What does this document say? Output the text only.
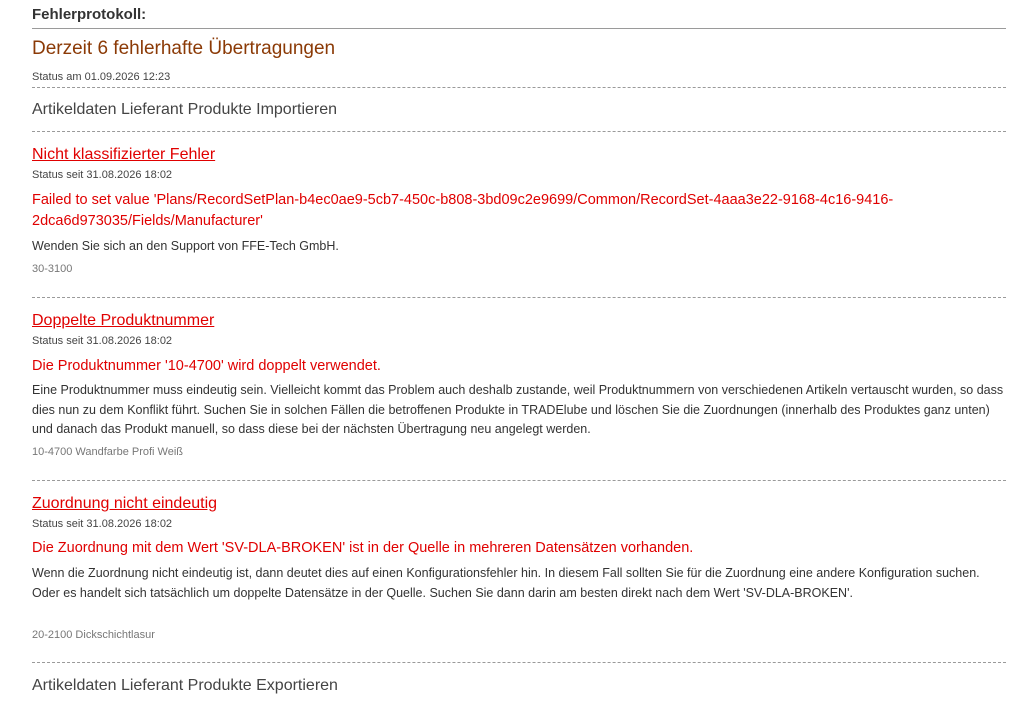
Fehlerprotokoll:
Derzeit 6 fehlerhafte Übertragungen
Status am 01.09.2026 12:23
Artikeldaten Lieferant Produkte Importieren
Nicht klassifizierter Fehler
Status seit 31.08.2026 18:02

Failed to set value 'Plans/RecordSetPlan-b4ec0ae9-5cb7-450c-b808-3bd09c2e9699/Common/RecordSet-4aaa3e22-9168-4c16-9416-2dca6d973035/Fields/Manufacturer'

Wenden Sie sich an den Support von FFE-Tech GmbH.

30-3100
Doppelte Produktnummer
Status seit 31.08.2026 18:02

Die Produktnummer '10-4700' wird doppelt verwendet.

Eine Produktnummer muss eindeutig sein. Vielleicht kommt das Problem auch deshalb zustande, weil Produktnummern von verschiedenen Artikeln vertauscht wurden, so dass dies nun zu dem Konflikt führt. Suchen Sie in solchen Fällen die betroffenen Produkte in TRADElube und löschen Sie die Zuordnungen (innerhalb des Produktes ganz unten) und danach das Produkt manuell, so dass diese bei der nächsten Übertragung neu angelegt werden.

10-4700 Wandfarbe Profi Weiß
Zuordnung nicht eindeutig
Status seit 31.08.2026 18:02

Die Zuordnung mit dem Wert 'SV-DLA-BROKEN' ist in der Quelle in mehreren Datensätzen vorhanden.

Wenn die Zuordnung nicht eindeutig ist, dann deutet dies auf einen Konfigurationsfehler hin. In diesem Fall sollten Sie für die Zuordnung eine andere Konfiguration suchen. Oder es handelt sich tatsächlich um doppelte Datensätze in der Quelle. Suchen Sie dann darin am besten direkt nach dem Wert 'SV-DLA-BROKEN'.

20-2100 Dickschichtlasur
Artikeldaten Lieferant Produkte Exportieren
